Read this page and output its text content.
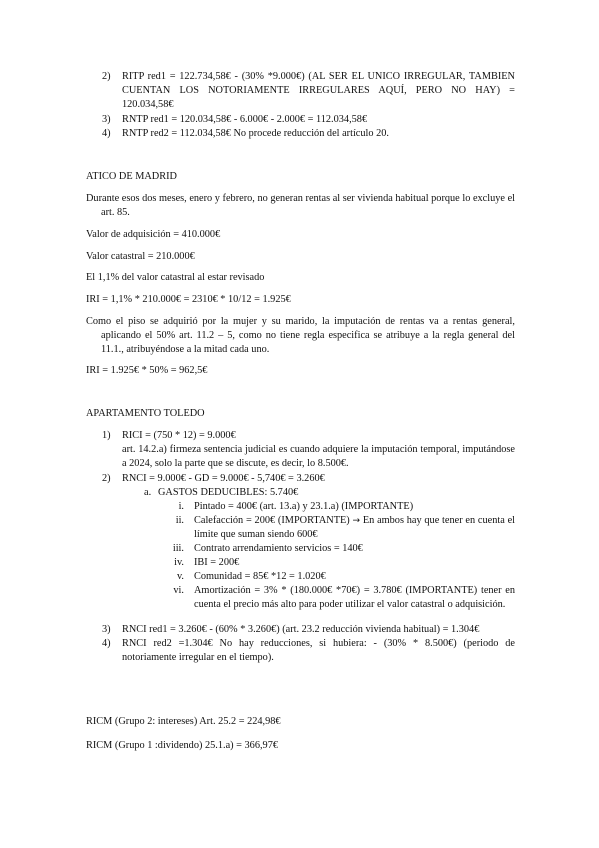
2) RITP red1 = 122.734,58€ - (30% *9.000€) (AL SER EL UNICO IRREGULAR, TAMBIEN CUENTAN LOS NOTORIAMENTE IRREGULARES AQUÍ, PERO NO HAY) = 120.034,58€
3) RNTP red1 = 120.034,58€ - 6.000€ - 2.000€ = 112.034,58€
4) RNTP red2 = 112.034,58€ No procede reducción del artículo 20.
ATICO DE MADRID
Durante esos dos meses, enero y febrero, no generan rentas al ser vivienda habitual porque lo excluye el art. 85.
Valor de adquisición = 410.000€
Valor catastral = 210.000€
El 1,1% del valor catastral al estar revisado
IRI = 1,1% * 210.000€ = 2310€ * 10/12 = 1.925€
Como el piso se adquirió por la mujer y su marido, la imputación de rentas va a rentas general, aplicando el 50% art. 11.2 – 5, como no tiene regla especifica se atribuye a la regla general del 11.1., atribuyéndose a la mitad cada uno.
IRI = 1.925€ * 50% = 962,5€
APARTAMENTO TOLEDO
1) RICI = (750 * 12) = 9.000€
art. 14.2.a) firmeza sentencia judicial es cuando adquiere la imputación temporal, imputándose a 2024, solo la parte que se discute, es decir, lo 8.500€.
2) RNCI = 9.000€ - GD = 9.000€ - 5,740€ = 3.260€
a. GASTOS DEDUCIBLES: 5.740€
i. Pintado = 400€ (art. 13.a) y 23.1.a) (IMPORTANTE)
ii. Calefacción = 200€ (IMPORTANTE) → En ambos hay que tener en cuenta el límite que suman siendo 600€
iii. Contrato arrendamiento servicios = 140€
iv. IBI = 200€
v. Comunidad = 85€ *12 = 1.020€
vi. Amortización = 3% * (180.000€ *70€) = 3.780€ (IMPORTANTE) tener en cuenta el precio más alto para poder utilizar el valor catastral o adquisición.
3) RNCI red1 = 3.260€ - (60% * 3.260€) (art. 23.2 reducción vivienda habitual) = 1.304€
4) RNCI red2 =1.304€ No hay reducciones, si hubiera: - (30% * 8.500€) (periodo de notoriamente irregular en el tiempo).
RICM (Grupo 2: intereses) Art. 25.2 = 224,98€
RICM (Grupo 1 :dividendo) 25.1.a) = 366,97€
